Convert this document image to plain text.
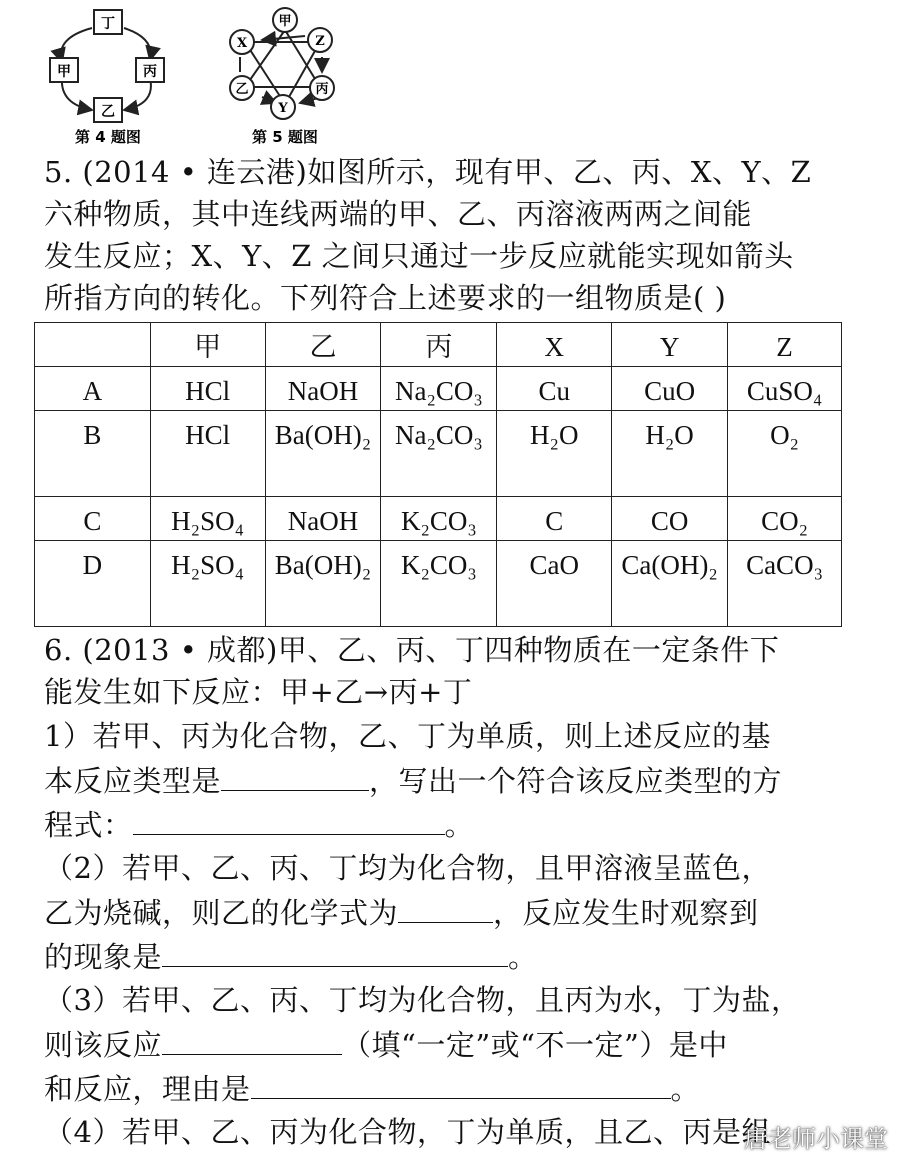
丁
甲	丙
乙
第 4 题图
甲
X	Z
乙	丙
Y
第 5 题图
5. (2014 • 连云港)如图所示，现有甲、乙、丙、X、Y、Z
六种物质，其中连线两端的甲、乙、丙溶液两两之间能
发生反应；X、Y、Z 之间只通过一步反应就能实现如箭头
所指方向的转化。下列符合上述要求的一组物质是( )
	甲	乙	丙	X	Y	Z
A	HCl	NaOH	Na₂CO₃	Cu	CuO	CuSO₄
B	HCl	Ba(OH)₂	Na₂CO₃	H₂O	H₂O	O₂
C	H₂SO₄	NaOH	K₂CO₃	C	CO	CO₂
D	H₂SO₄	Ba(OH)₂	K₂CO₃	CaO	Ca(OH)₂	CaCO₃
6. (2013 • 成都)甲、乙、丙、丁四种物质在一定条件下
能发生如下反应：甲+乙→丙+丁
1）若甲、丙为化合物，乙、丁为单质，则上述反应的基
本反应类型是	，写出一个符合该反应类型的方
程式：	。
（2）若甲、乙、丙、丁均为化合物，且甲溶液呈蓝色，
乙为烧碱，则乙的化学式为	，反应发生时观察到
的现象是	。
（3）若甲、乙、丙、丁均为化合物，且丙为水，丁为盐，
则该反应	（填“一定”或“不一定”）是中
和反应，理由是	。
（4）若甲、乙、丙为化合物，丁为单质，且乙、丙是组
唐老师小课堂
